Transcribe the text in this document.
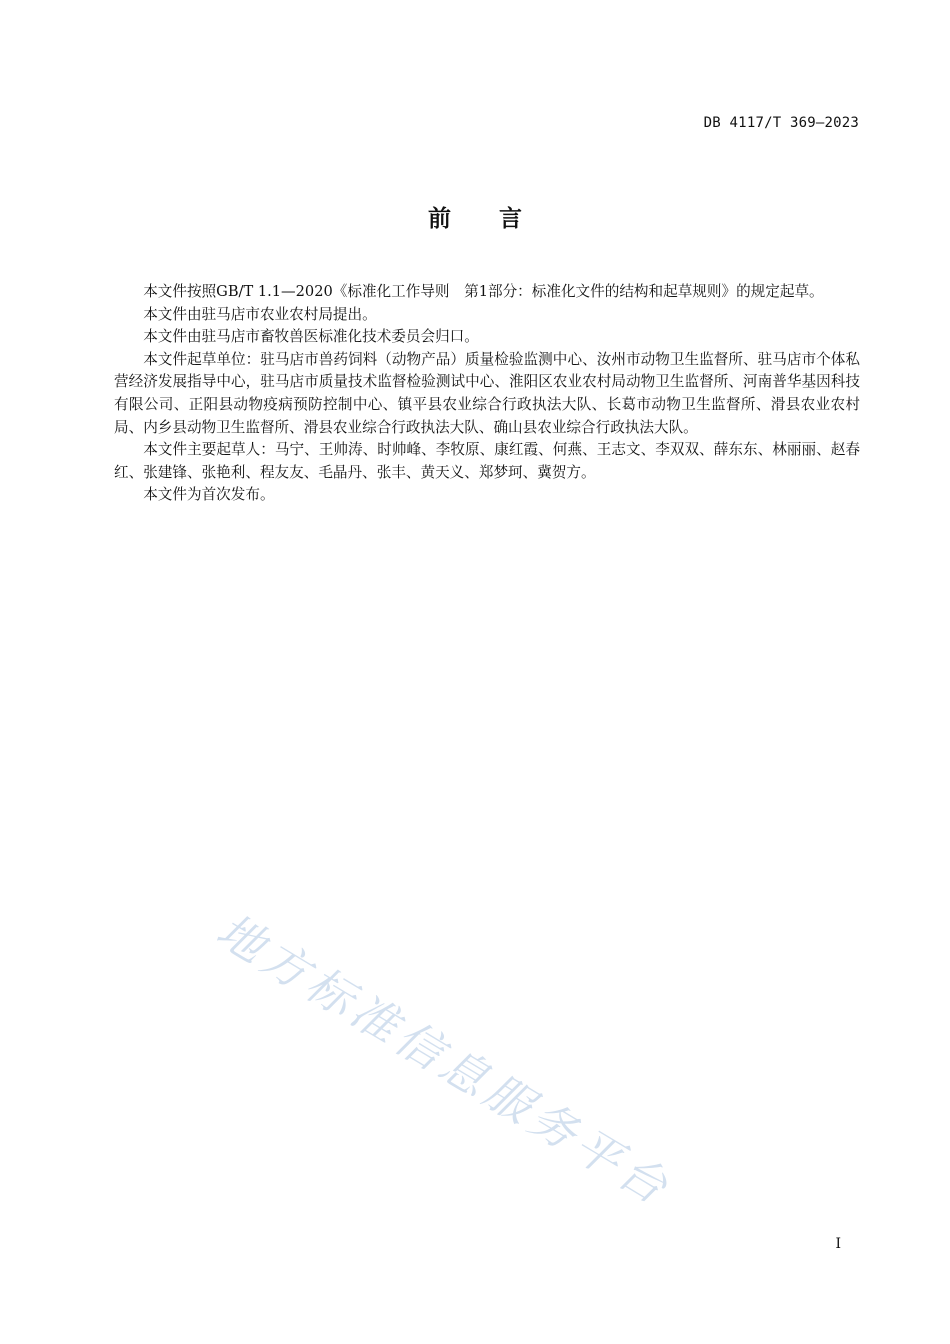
DB 4117/T 369—2023
前言

本文件按照GB/T 1.1—2020《标准化工作导则　第1部分：标准化文件的结构和起草规则》的规定起草。

本文件由驻马店市农业农村局提出。

本文件由驻马店市畜牧兽医标准化技术委员会归口。

本文件起草单位：驻马店市兽药饲料（动物产品）质量检验监测中心、汝州市动物卫生监督所、驻马店市个体私营经济发展指导中心，驻马店市质量技术监督检验测试中心、淮阳区农业农村局动物卫生监督所、河南普华基因科技有限公司、正阳县动物疫病预防控制中心、镇平县农业综合行政执法大队、长葛市动物卫生监督所、滑县农业农村局、内乡县动物卫生监督所、滑县农业综合行政执法大队、确山县农业综合行政执法大队。

本文件主要起草人：马宁、王帅涛、时帅峰、李牧原、康红霞、何燕、王志文、李双双、薛东东、林丽丽、赵春红、张建锋、张艳利、程友友、毛晶丹、张丰、黄天义、郑梦珂、冀贺方。

本文件为首次发布。

地方标准信息服务平台
I
